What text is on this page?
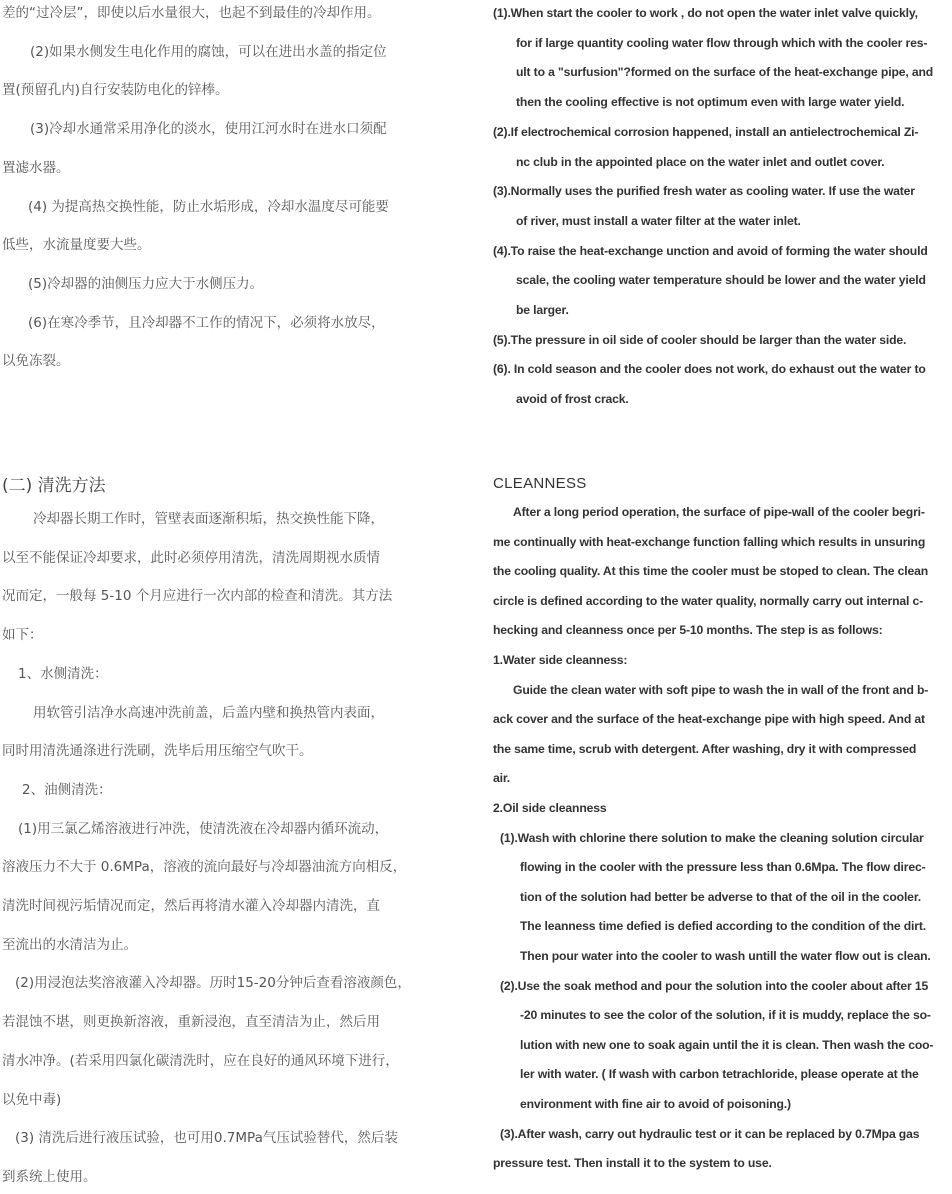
(二) 清洗方法	CLEANNESS
差的“过冷层”，即使以后水量很大，也起不到最佳的冷却作用。
(2)如果水侧发生电化作用的腐蚀，可以在进出水盖的指定位
置(预留孔内)自行安装防电化的锌棒。
(3)冷却水通常采用净化的淡水，使用江河水时在进水口须配
置滤水器。
(4) 为提高热交换性能，防止水垢形成，冷却水温度尽可能要
低些，水流量度要大些。
(5)冷却器的油侧压力应大于水侧压力。
(6)在寒冷季节，且冷却器不工作的情况下，必须将水放尽，
以免冻裂。
(1).When start the cooler to work , do not open the water inlet valve quickly,
for if large quantity cooling water flow through which with the cooler res-
ult to a "surfusion"?formed on the surface of the heat-exchange pipe, and
then the cooling effective is not optimum even with large water yield.
(2).If electrochemical corrosion happened, install an antielectrochemical Zi-
nc club in the appointed place on the water inlet and outlet cover.
(3).Normally uses the purified fresh water as cooling water. If use the water
of river, must install a water filter at the water inlet.
(4).To raise the heat-exchange unction and avoid of forming the water should
scale, the cooling water temperature should be lower and the water yield
be larger.
(5).The pressure in oil side of cooler should be larger than the water side.
(6). In cold season and the cooler does not work, do exhaust out the water to
avoid of frost crack.
冷却器长期工作时，管壁表面逐渐积垢，热交换性能下降，
以至不能保证冷却要求，此时必须停用清洗，清洗周期视水质情
况而定，一般每 5-10 个月应进行一次内部的检查和清洗。其方法
如下：
1、水侧清洗：
用软管引洁净水高速冲洗前盖，后盖内壁和换热管内表面，
同时用清洗通涤进行洗刷，洗毕后用压缩空气吹干。
2、油侧清洗：
(1)用三氯乙烯溶液进行冲洗，使清洗液在冷却器内循环流动，
溶液压力不大于 0.6MPa，溶液的流向最好与冷却器油流方向相反，
清洗时间视污垢情况而定，然后再将清水灌入冷却器内清洗，直
至流出的水清洁为止。
(2)用浸泡法奖溶液灌入冷却器。历时15-20分钟后查看溶液颜色，
若混蚀不堪，则更换新溶液，重新浸泡，直至清洁为止，然后用
清水冲净。(若采用四氯化碳清洗时，应在良好的通风环境下进行，
以免中毒)
(3) 清洗后进行液压试验，也可用0.7MPa气压试验替代，然后装
到系统上使用。
After a long period operation, the surface of pipe-wall of the cooler begri-
me continually with heat-exchange function falling which results in unsuring
the cooling quality. At this time the cooler must be stoped to clean. The clean
circle is defined according to the water quality, normally carry out internal c-
hecking and cleanness once per 5-10 months. The step is as follows:
1.Water side cleanness:
Guide the clean water with soft pipe to wash the in wall of the front and b-
ack cover and the surface of the heat-exchange pipe with high speed. And at
the same time, scrub with detergent. After washing, dry it with compressed
air.
2.Oil side cleanness
(1).Wash with chlorine there solution to make the cleaning solution circular
flowing in the cooler with the pressure less than 0.6Mpa. The flow direc-
tion of the solution had better be adverse to that of the oil in the cooler.
The leanness time defied is defied according to the condition of the dirt.
Then pour water into the cooler to wash untill the water flow out is clean.
(2).Use the soak method and pour the solution into the cooler about after 15
-20 minutes to see the color of the solution, if it is muddy, replace the so-
lution with new one to soak again until the it is clean. Then wash the coo-
ler with water. ( If wash with carbon tetrachloride, please operate at the
environment with fine air to avoid of poisoning.)
(3).After wash, carry out hydraulic test or it can be replaced by 0.7Mpa gas
pressure test. Then install it to the system to use.
